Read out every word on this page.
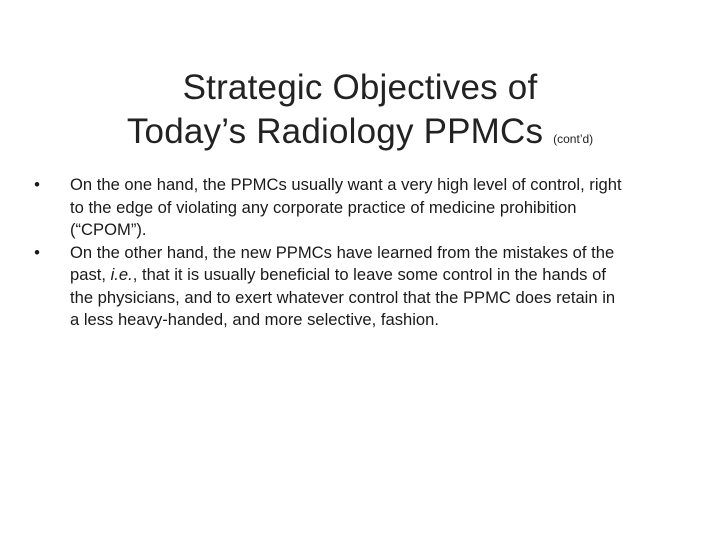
Strategic Objectives of
Today’s Radiology PPMCs (cont’d)
• On the one hand, the PPMCs usually want a very high level of control, right
to the edge of violating any corporate practice of medicine prohibition
(“CPOM”).
• On the other hand, the new PPMCs have learned from the mistakes of the
past, i.e., that it is usually beneficial to leave some control in the hands of
the physicians, and to exert whatever control that the PPMC does retain in
a less heavy-handed, and more selective, fashion.
